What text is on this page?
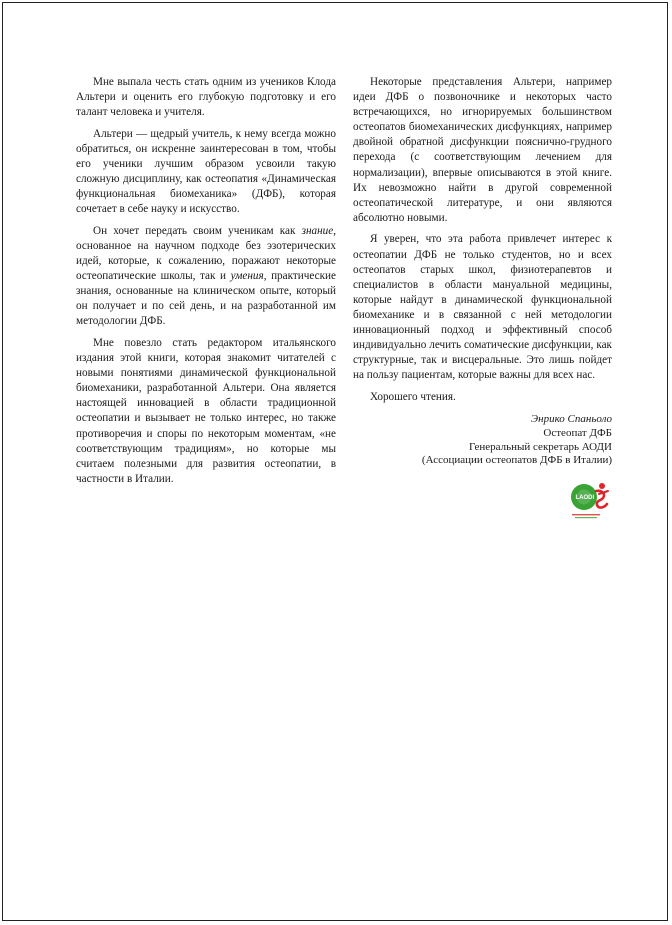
Мне выпала честь стать одним из учеников Клода Альтери и оценить его глубокую подготовку и его талант человека и учителя.

Альтери — щедрый учитель, к нему всегда можно обратиться, он искренне заинтересован в том, чтобы его ученики лучшим образом усвоили такую сложную дисциплину, как остеопатия «Динамическая функциональная биомеханика» (ДФБ), которая сочетает в себе науку и искусство.

Он хочет передать своим ученикам как знание, основанное на научном подходе без эзотерических идей, которые, к сожалению, поражают некоторые остеопатические школы, так и умения, практические знания, основанные на клиническом опыте, который он получает и по сей день, и на разработанной им методологии ДФБ.

Мне повезло стать редактором итальянского издания этой книги, которая знакомит читателей с новыми понятиями динамической функциональной биомеханики, разработанной Альтери. Она является настоящей инновацией в области традиционной остеопатии и вызывает не только интерес, но также противоречия и споры по некоторым моментам, «не соответствующим традициям», но которые мы считаем полезными для развития остеопатии, в частности в Италии.

Некоторые представления Альтери, например идеи ДФБ о позвоночнике и некоторых часто встречающихся, но игнорируемых большинством остеопатов биомеханических дисфункциях, например двойной обратной дисфункции пояснично-грудного перехода (с соответствующим лечением для нормализации), впервые описываются в этой книге. Их невозможно найти в другой современной остеопатической литературе, и они являются абсолютно новыми.

Я уверен, что эта работа привлечет интерес к остеопатии ДФБ не только студентов, но и всех остеопатов старых школ, физиотерапевтов и специалистов в области мануальной медицины, которые найдут в динамической функциональной биомеханике и в связанной с ней методологии инновационный подход и эффективный способ индивидуально лечить соматические дисфункции, как структурные, так и висцеральные. Это лишь пойдет на пользу пациентам, которые важны для всех нас.

Хорошего чтения.

Энрико Спаньоло
Остеопат ДФБ
Генеральный секретарь АОДИ
(Ассоциации остеопатов ДФБ в Италии)
LAODI
